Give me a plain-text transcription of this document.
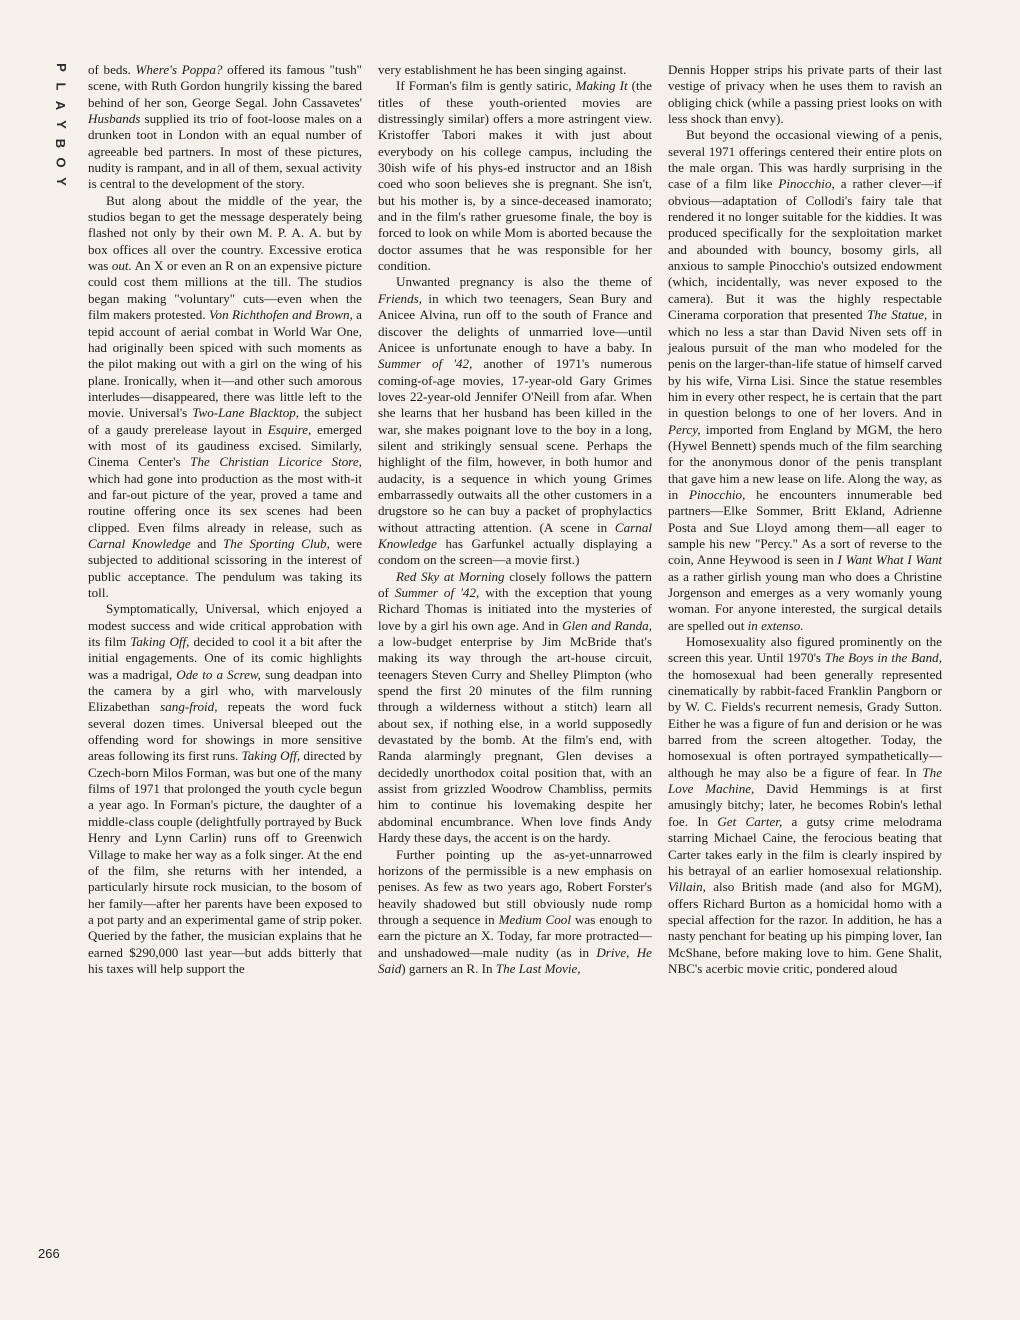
P
L
A
Y
B
O
Y

of beds. Where's Poppa? offered its famous "tush" scene, with Ruth Gordon hungrily kissing the bared behind of her son, George Segal. John Cassavetes' Husbands supplied its trio of foot-loose males on a drunken toot in London with an equal number of agreeable bed partners. In most of these pictures, nudity is rampant, and in all of them, sexual activity is central to the development of the story.

But along about the middle of the year, the studios began to get the message desperately being flashed not only by their own M. P. A. A. but by box offices all over the country. Excessive erotica was out. An X or even an R on an expensive picture could cost them millions at the till. The studios began making "voluntary" cuts—even when the film makers protested. Von Richthofen and Brown, a tepid account of aerial combat in World War One, had originally been spiced with such moments as the pilot making out with a girl on the wing of his plane. Ironically, when it—and other such amorous interludes—disappeared, there was little left to the movie. Universal's Two-Lane Blacktop, the subject of a gaudy prerelease layout in Esquire, emerged with most of its gaudiness excised. Similarly, Cinema Center's The Christian Licorice Store, which had gone into production as the most with-it and far-out picture of the year, proved a tame and routine offering once its sex scenes had been clipped. Even films already in release, such as Carnal Knowledge and The Sporting Club, were subjected to additional scissoring in the interest of public acceptance. The pendulum was taking its toll.

Symptomatically, Universal, which enjoyed a modest success and wide critical approbation with its film Taking Off, decided to cool it a bit after the initial engagements. One of its comic highlights was a madrigal, Ode to a Screw, sung deadpan into the camera by a girl who, with marvelously Elizabethan sang-froid, repeats the word fuck several dozen times. Universal bleeped out the offending word for showings in more sensitive areas following its first runs. Taking Off, directed by Czech-born Milos Forman, was but one of the many films of 1971 that prolonged the youth cycle begun a year ago. In Forman's picture, the daughter of a middle-class couple (delightfully portrayed by Buck Henry and Lynn Carlin) runs off to Greenwich Village to make her way as a folk singer. At the end of the film, she returns with her intended, a particularly hirsute rock musician, to the bosom of her family—after her parents have been exposed to a pot party and an experimental game of strip poker. Queried by the father, the musician explains that he earned $290,000 last year—but adds bitterly that his taxes will help support the

very establishment he has been singing against.

If Forman's film is gently satiric, Making It (the titles of these youth-oriented movies are distressingly similar) offers a more astringent view. Kristoffer Tabori makes it with just about everybody on his college campus, including the 30ish wife of his phys-ed instructor and an 18ish coed who soon believes she is pregnant. She isn't, but his mother is, by a since-deceased inamorato; and in the film's rather gruesome finale, the boy is forced to look on while Mom is aborted because the doctor assumes that he was responsible for her condition.

Unwanted pregnancy is also the theme of Friends, in which two teenagers, Sean Bury and Anicee Alvina, run off to the south of France and discover the delights of unmarried love—until Anicee is unfortunate enough to have a baby. In Summer of '42, another of 1971's numerous coming-of-age movies, 17-year-old Gary Grimes loves 22-year-old Jennifer O'Neill from afar. When she learns that her husband has been killed in the war, she makes poignant love to the boy in a long, silent and strikingly sensual scene. Perhaps the highlight of the film, however, in both humor and audacity, is a sequence in which young Grimes embarrassedly outwaits all the other customers in a drugstore so he can buy a packet of prophylactics without attracting attention. (A scene in Carnal Knowledge has Garfunkel actually displaying a condom on the screen—a movie first.)

Red Sky at Morning closely follows the pattern of Summer of '42, with the exception that young Richard Thomas is initiated into the mysteries of love by a girl his own age. And in Glen and Randa, a low-budget enterprise by Jim McBride that's making its way through the art-house circuit, teenagers Steven Curry and Shelley Plimpton (who spend the first 20 minutes of the film running through a wilderness without a stitch) learn all about sex, if nothing else, in a world supposedly devastated by the bomb. At the film's end, with Randa alarmingly pregnant, Glen devises a decidedly unorthodox coital position that, with an assist from grizzled Woodrow Chambliss, permits him to continue his lovemaking despite her abdominal encumbrance. When love finds Andy Hardy these days, the accent is on the hardy.

Further pointing up the as-yet-unnarrowed horizons of the permissible is a new emphasis on penises. As few as two years ago, Robert Forster's heavily shadowed but still obviously nude romp through a sequence in Medium Cool was enough to earn the picture an X. Today, far more protracted—and unshadowed—male nudity (as in Drive, He Said) garners an R. In The Last Movie,

Dennis Hopper strips his private parts of their last vestige of privacy when he uses them to ravish an obliging chick (while a passing priest looks on with less shock than envy).

But beyond the occasional viewing of a penis, several 1971 offerings centered their entire plots on the male organ. This was hardly surprising in the case of a film like Pinocchio, a rather clever—if obvious—adaptation of Collodi's fairy tale that rendered it no longer suitable for the kiddies. It was produced specifically for the sexploitation market and abounded with bouncy, bosomy girls, all anxious to sample Pinocchio's outsized endowment (which, incidentally, was never exposed to the camera). But it was the highly respectable Cinerama corporation that presented The Statue, in which no less a star than David Niven sets off in jealous pursuit of the man who modeled for the penis on the larger-than-life statue of himself carved by his wife, Virna Lisi. Since the statue resembles him in every other respect, he is certain that the part in question belongs to one of her lovers. And in Percy, imported from England by MGM, the hero (Hywel Bennett) spends much of the film searching for the anonymous donor of the penis transplant that gave him a new lease on life. Along the way, as in Pinocchio, he encounters innumerable bed partners—Elke Sommer, Britt Ekland, Adrienne Posta and Sue Lloyd among them—all eager to sample his new "Percy." As a sort of reverse to the coin, Anne Heywood is seen in I Want What I Want as a rather girlish young man who does a Christine Jorgenson and emerges as a very womanly young woman. For anyone interested, the surgical details are spelled out in extenso.

Homosexuality also figured prominently on the screen this year. Until 1970's The Boys in the Band, the homosexual had been generally represented cinematically by rabbit-faced Franklin Pangborn or by W. C. Fields's recurrent nemesis, Grady Sutton. Either he was a figure of fun and derision or he was barred from the screen altogether. Today, the homosexual is often portrayed sympathetically—although he may also be a figure of fear. In The Love Machine, David Hemmings is at first amusingly bitchy; later, he becomes Robin's lethal foe. In Get Carter, a gutsy crime melodrama starring Michael Caine, the ferocious beating that Carter takes early in the film is clearly inspired by his betrayal of an earlier homosexual relationship. Villain, also British made (and also for MGM), offers Richard Burton as a homicidal homo with a special affection for the razor. In addition, he has a nasty penchant for beating up his pimping lover, Ian McShane, before making love to him. Gene Shalit, NBC's acerbic movie critic, pondered aloud

266
